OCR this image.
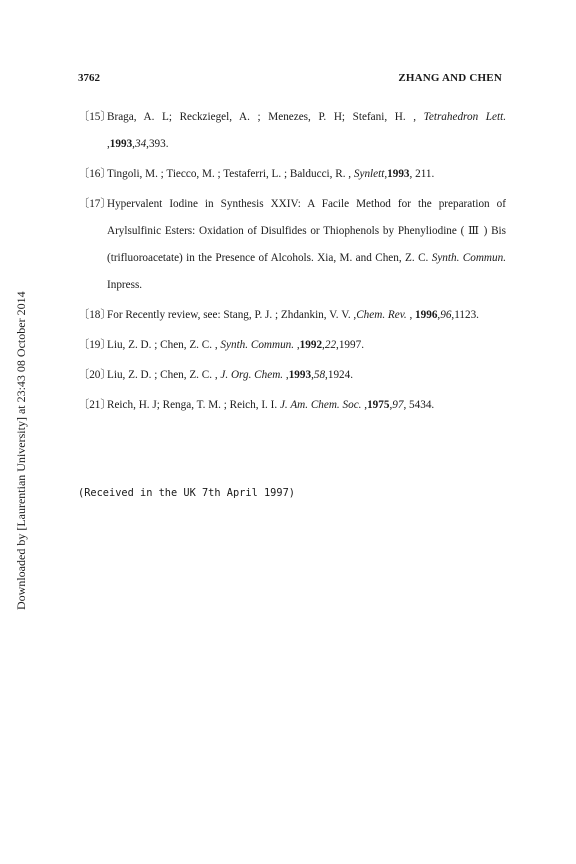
3762	ZHANG AND CHEN
〔15〕
Braga, A. L; Reckziegel, A. ; Menezes, P. H; Stefani, H. , Tetrahedron Lett. ,1993,34,393.
〔16〕
Tingoli, M. ; Tiecco, M. ; Testaferri, L. ; Balducci, R. , Synlett,1993, 211.
〔17〕
Hypervalent Iodine in Synthesis XXIV: A Facile Method for the preparation of Arylsulfinic Esters: Oxidation of Disulfides or Thiophenols by Phenyliodine ( Ⅲ ) Bis (trifluoroacetate) in the Presence of Alcohols. Xia, M. and Chen, Z. C. Synth. Commun. Inpress.
〔18〕
For Recently review, see: Stang, P. J. ; Zhdankin, V. V. ,Chem. Rev. , 1996,96,1123.
〔19〕
Liu, Z. D. ; Chen, Z. C. , Synth. Commun. ,1992,22,1997.
〔20〕
Liu, Z. D. ; Chen, Z. C. , J. Org. Chem. ,1993,58,1924.
〔21〕
Reich, H. J; Renga, T. M. ; Reich, I. I. J. Am. Chem. Soc. ,1975,97, 5434.
(Received in the UK 7th April 1997)
Downloaded by [Laurentian University] at 23:43 08 October 2014
